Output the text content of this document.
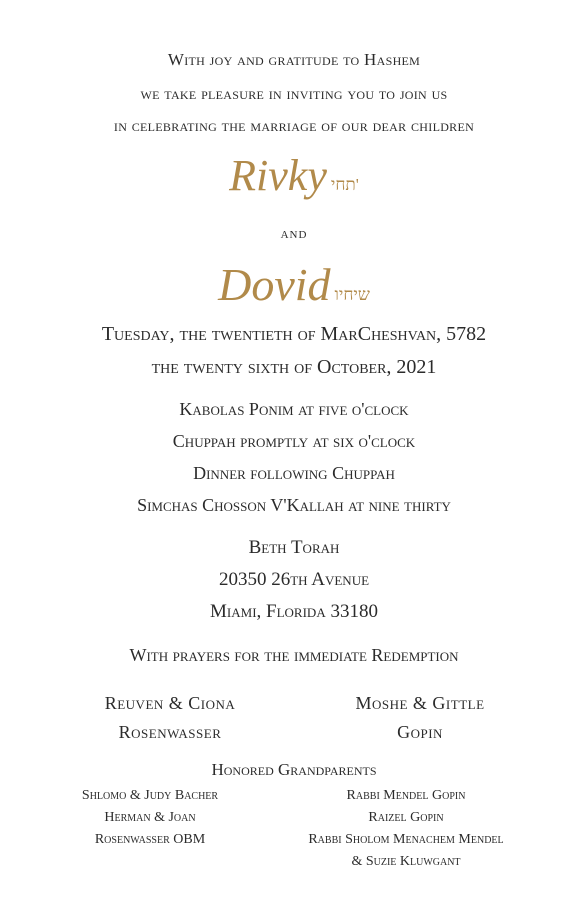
With joy and gratitude to Hashem
we take pleasure in inviting you to join us
in celebrating the marriage of our dear children
Rivky תחי'
and
Dovid שיחיו
Tuesday, the twentieth of MarCheshvan, 5782
the twenty sixth of October, 2021
Kabolas Ponim at five o'clock
Chuppah promptly at six o'clock
Dinner following Chuppah
Simchas Chosson V'Kallah at nine thirty
Beth Torah
20350 26th Avenue
Miami, Florida 33180
With prayers for the immediate Redemption
Reuven & Ciona
Rosenwasser
Moshe & Gittle
Gopin
Honored Grandparents
Shlomo & Judy Bacher
Herman & Joan
Rosenwasser OBM
Rabbi Mendel Gopin
Raizel Gopin
Rabbi Sholom Menachem Mendel
& Suzie Kluwgant
